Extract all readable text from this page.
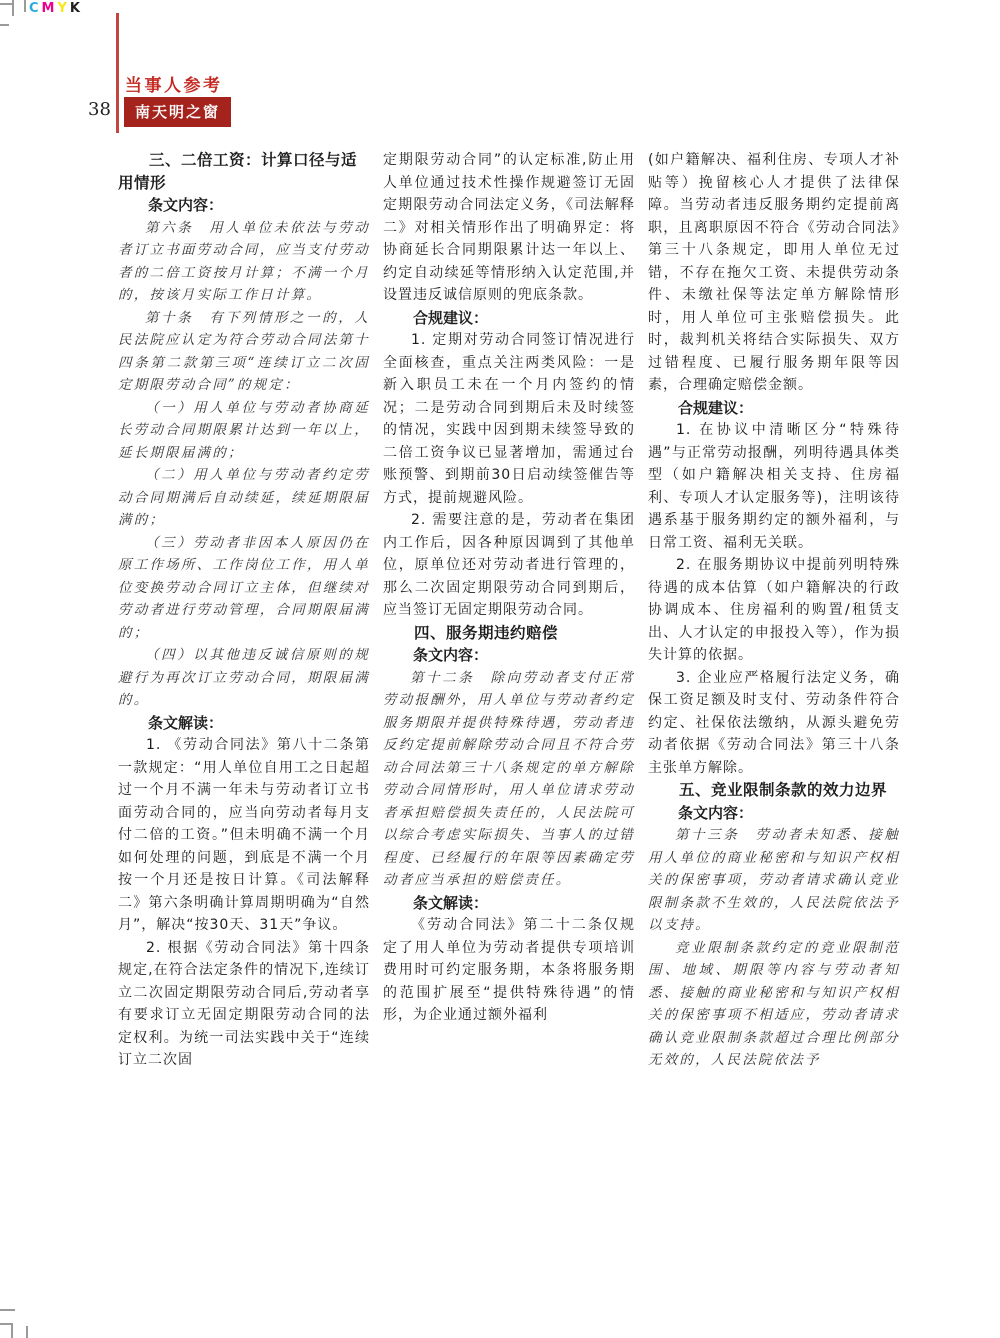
C M Y K
38
当事人参考
南天明之窗

三、二倍工资：计算口径与适用情形

条文内容：

第六条　用人单位未依法与劳动者订立书面劳动合同，应当支付劳动者的二倍工资按月计算；不满一个月的，按该月实际工作日计算。

第十条　有下列情形之一的，人民法院应认定为符合劳动合同法第十四条第二款第三项“连续订立二次固定期限劳动合同”的规定：

（一）用人单位与劳动者协商延长劳动合同期限累计达到一年以上，延长期限届满的；

（二）用人单位与劳动者约定劳动合同期满后自动续延，续延期限届满的；

（三）劳动者非因本人原因仍在原工作场所、工作岗位工作，用人单位变换劳动合同订立主体，但继续对劳动者进行劳动管理，合同期限届满的；

（四）以其他违反诚信原则的规避行为再次订立劳动合同，期限届满的。

条文解读：

1. 《劳动合同法》第八十二条第一款规定：“用人单位自用工之日起超过一个月不满一年未与劳动者订立书面劳动合同的，应当向劳动者每月支付二倍的工资。”但未明确不满一个月如何处理的问题，到底是不满一个月按一个月还是按日计算。《司法解释二》第六条明确计算周期明确为“自然月”，解决“按30天、31天”争议。

2. 根据《劳动合同法》第十四条规定,在符合法定条件的情况下,连续订立二次固定期限劳动合同后,劳动者享有要求订立无固定期限劳动合同的法定权利。为统一司法实践中关于“连续订立二次固

定期限劳动合同”的认定标准,防止用人单位通过技术性操作规避签订无固定期限劳动合同法定义务，《司法解释二》对相关情形作出了明确界定：将协商延长合同期限累计达一年以上、约定自动续延等情形纳入认定范围,并设置违反诚信原则的兜底条款。

合规建议：

1. 定期对劳动合同签订情况进行全面核查，重点关注两类风险：一是新入职员工未在一个月内签约的情况；二是劳动合同到期后未及时续签的情况，实践中因到期未续签导致的二倍工资争议已显著增加，需通过台账预警、到期前30日启动续签催告等方式，提前规避风险。

2. 需要注意的是，劳动者在集团内工作后，因各种原因调到了其他单位，原单位还对劳动者进行管理的，那么二次固定期限劳动合同到期后，应当签订无固定期限劳动合同。

四、服务期违约赔偿

条文内容：

第十二条　除向劳动者支付正常劳动报酬外，用人单位与劳动者约定服务期限并提供特殊待遇，劳动者违反约定提前解除劳动合同且不符合劳动合同法第三十八条规定的单方解除劳动合同情形时，用人单位请求劳动者承担赔偿损失责任的，人民法院可以综合考虑实际损失、当事人的过错程度、已经履行的年限等因素确定劳动者应当承担的赔偿责任。

条文解读：

《劳动合同法》第二十二条仅规定了用人单位为劳动者提供专项培训费用时可约定服务期，本条将服务期的范围扩展至“提供特殊待遇”的情形，为企业通过额外福利

(如户籍解决、福利住房、专项人才补贴等）挽留核心人才提供了法律保障。当劳动者违反服务期约定提前离职，且离职原因不符合《劳动合同法》第三十八条规定，即用人单位无过错，不存在拖欠工资、未提供劳动条件、未缴社保等法定单方解除情形时，用人单位可主张赔偿损失。此时，裁判机关将结合实际损失、双方过错程度、已履行服务期年限等因素，合理确定赔偿金额。

合规建议：

1. 在协议中清晰区分“特殊待遇”与正常劳动报酬，列明待遇具体类型（如户籍解决相关支持、住房福利、专项人才认定服务等)，注明该待遇系基于服务期约定的额外福利，与日常工资、福利无关联。

2. 在服务期协议中提前列明特殊待遇的成本估算（如户籍解决的行政协调成本、住房福利的购置/租赁支出、人才认定的申报投入等），作为损失计算的依据。

3. 企业应严格履行法定义务，确保工资足额及时支付、劳动条件符合约定、社保依法缴纳，从源头避免劳动者依据《劳动合同法》第三十八条主张单方解除。

五、竞业限制条款的效力边界

条文内容：

第十三条　劳动者未知悉、接触用人单位的商业秘密和与知识产权相关的保密事项，劳动者请求确认竞业限制条款不生效的，人民法院依法予以支持。

竞业限制条款约定的竞业限制范围、地域、期限等内容与劳动者知悉、接触的商业秘密和与知识产权相关的保密事项不相适应，劳动者请求确认竞业限制条款超过合理比例部分无效的，人民法院依法予
